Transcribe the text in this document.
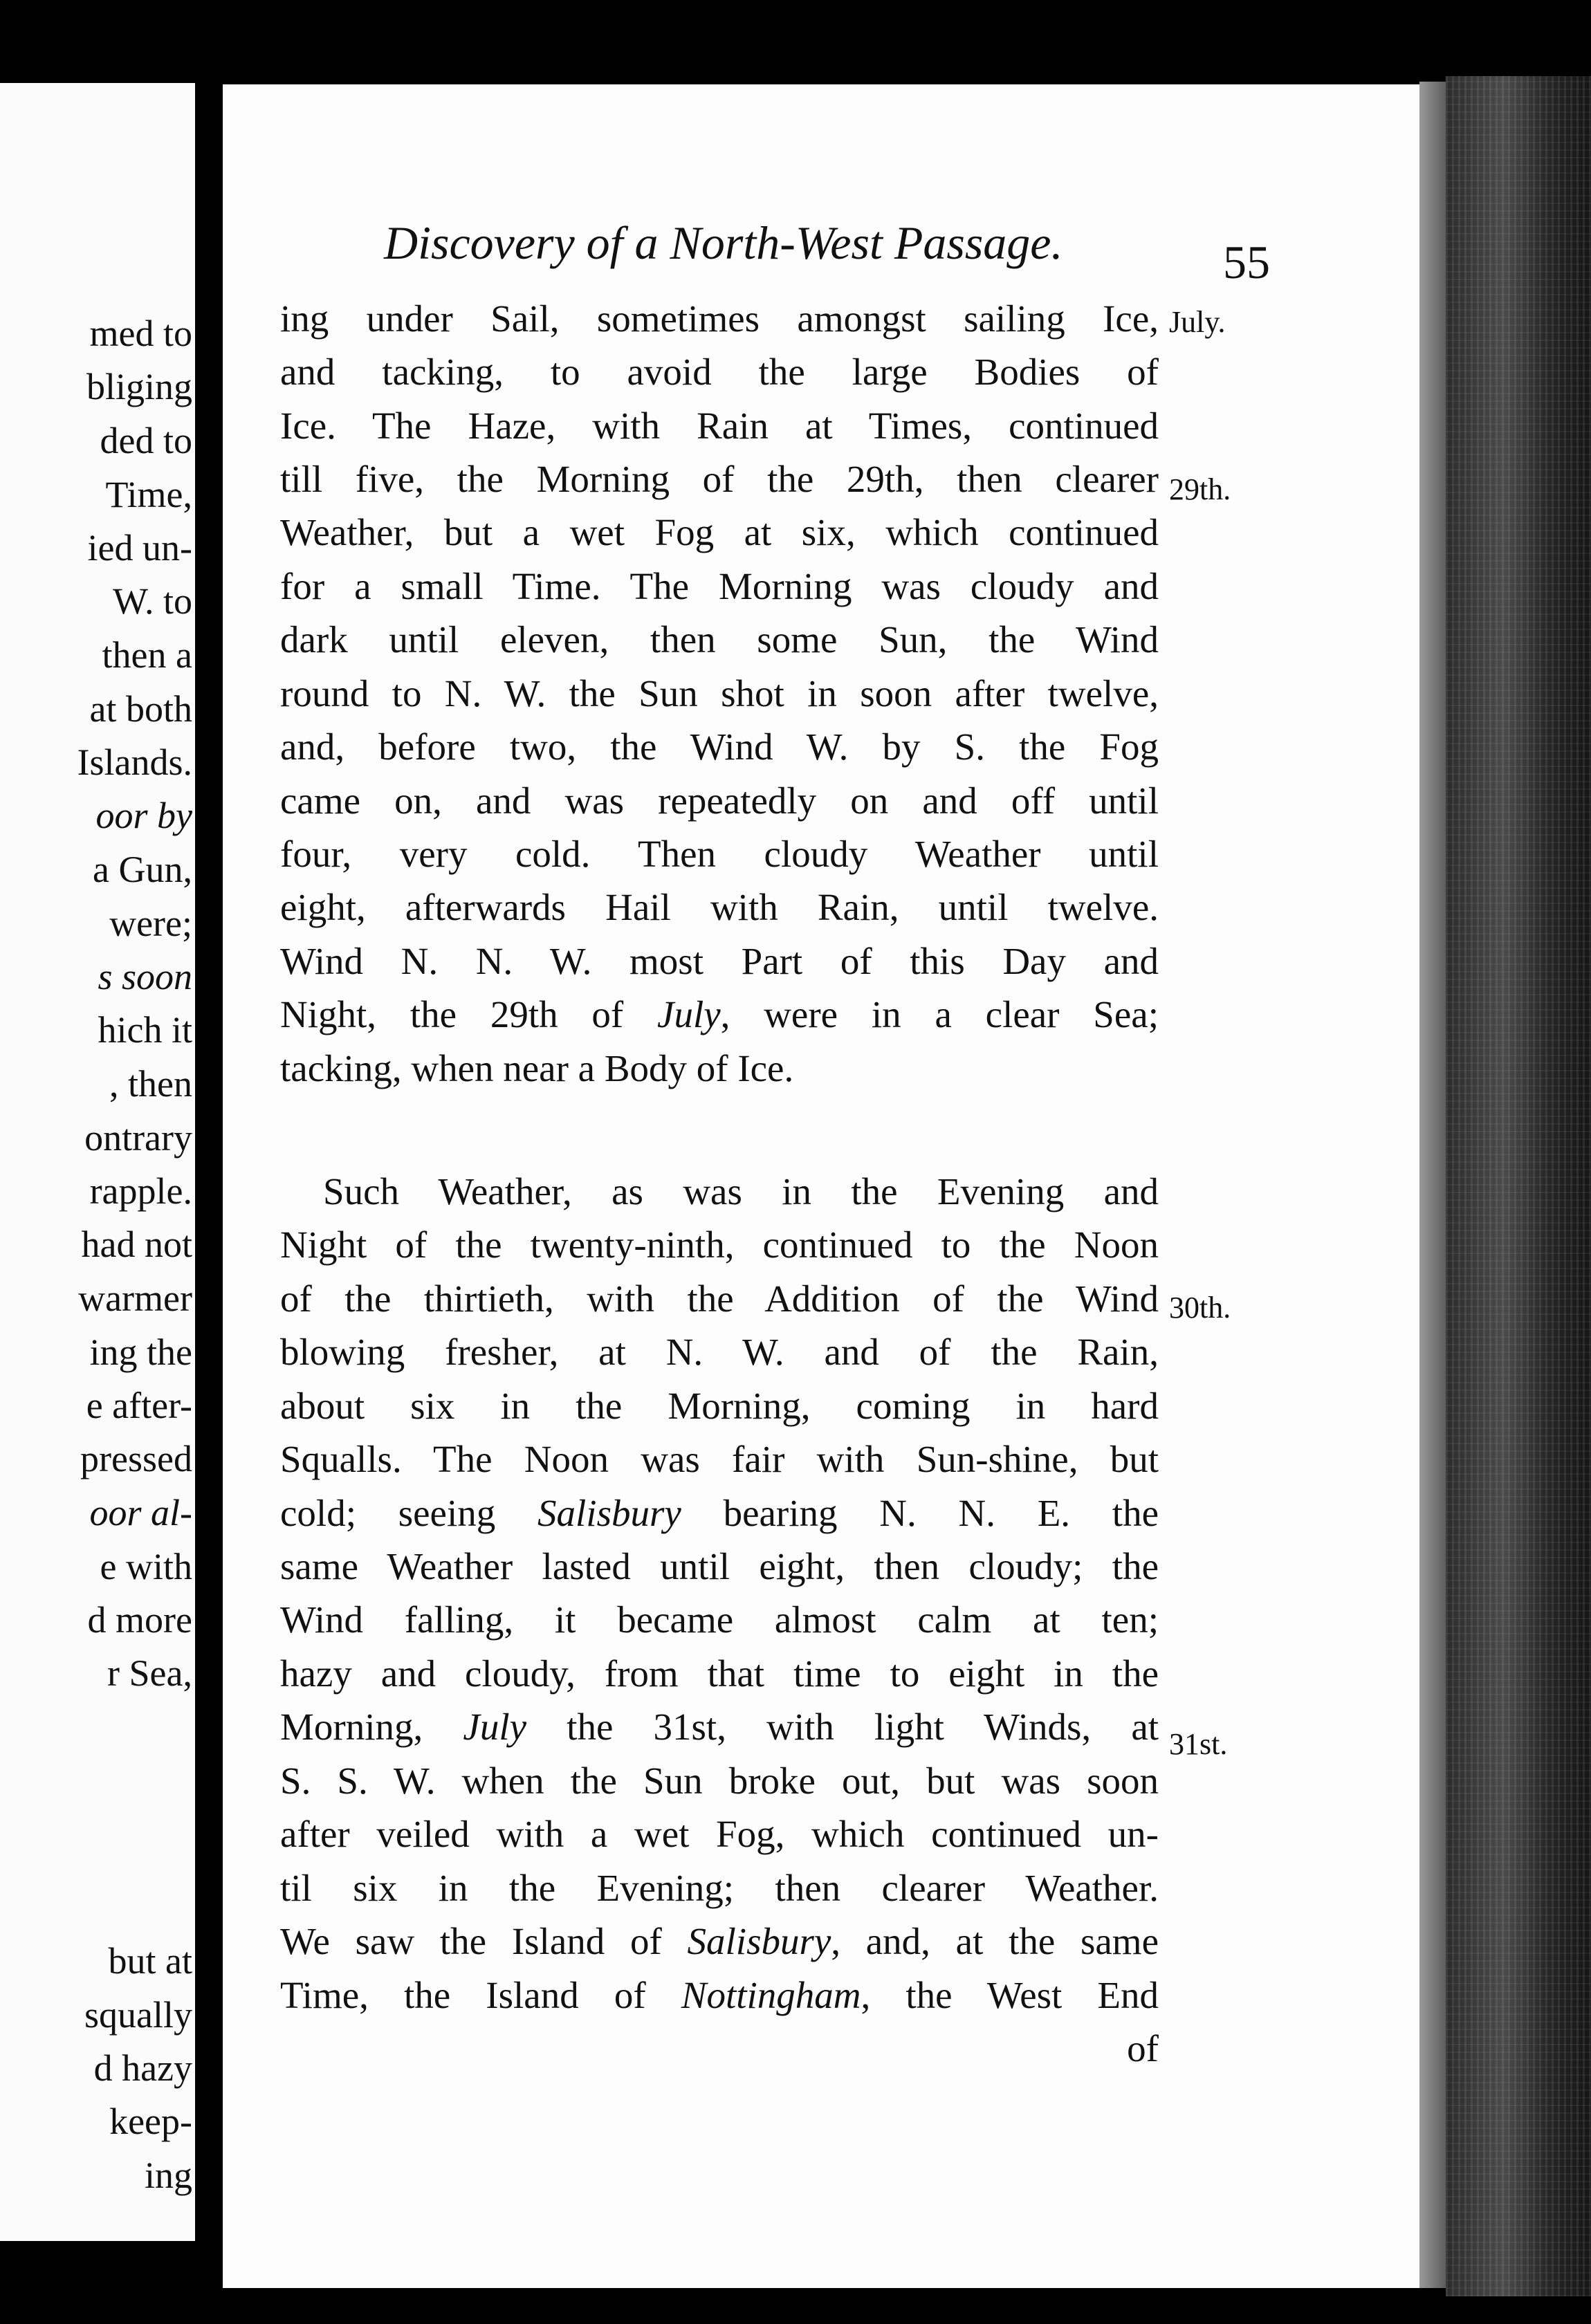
med to
bliging
ded to
Time,
ied un-
W. to
then a
at both
Islands.
oor by
a Gun,
were;
s soon
hich it
, then
ontrary
rapple.
had not
warmer
ing the
e after-
pressed
oor al-
e with
d more
r Sea,
but at
squally
d hazy
keep-
ing
Discovery of a North-West Passage.	55
July.
29th.
30th.
31st.
ing under Sail, sometimes amongst sailing Ice,
and tacking, to avoid the large Bodies of
Ice. The Haze, with Rain at Times, continued
till five, the Morning of the 29th, then clearer
Weather, but a wet Fog at six, which continued
for a small Time. The Morning was cloudy and
dark until eleven, then some Sun, the Wind
round to N. W. the Sun shot in soon after twelve,
and, before two, the Wind W. by S. the Fog
came on, and was repeatedly on and off until
four, very cold. Then cloudy Weather until
eight, afterwards Hail with Rain, until twelve.
Wind N. N. W. most Part of this Day and
Night, the 29th of July, were in a clear Sea;
tacking, when near a Body of Ice.
Such Weather, as was in the Evening and
Night of the twenty-ninth, continued to the Noon
of the thirtieth, with the Addition of the Wind
blowing fresher, at N. W. and of the Rain,
about six in the Morning, coming in hard
Squalls. The Noon was fair with Sun-shine, but
cold; seeing Salisbury bearing N. N. E. the
same Weather lasted until eight, then cloudy; the
Wind falling, it became almost calm at ten;
hazy and cloudy, from that time to eight in the
Morning, July the 31st, with light Winds, at
S. S. W. when the Sun broke out, but was soon
after veiled with a wet Fog, which continued un-
til six in the Evening; then clearer Weather.
We saw the Island of Salisbury, and, at the same
Time, the Island of Nottingham, the West End
of
